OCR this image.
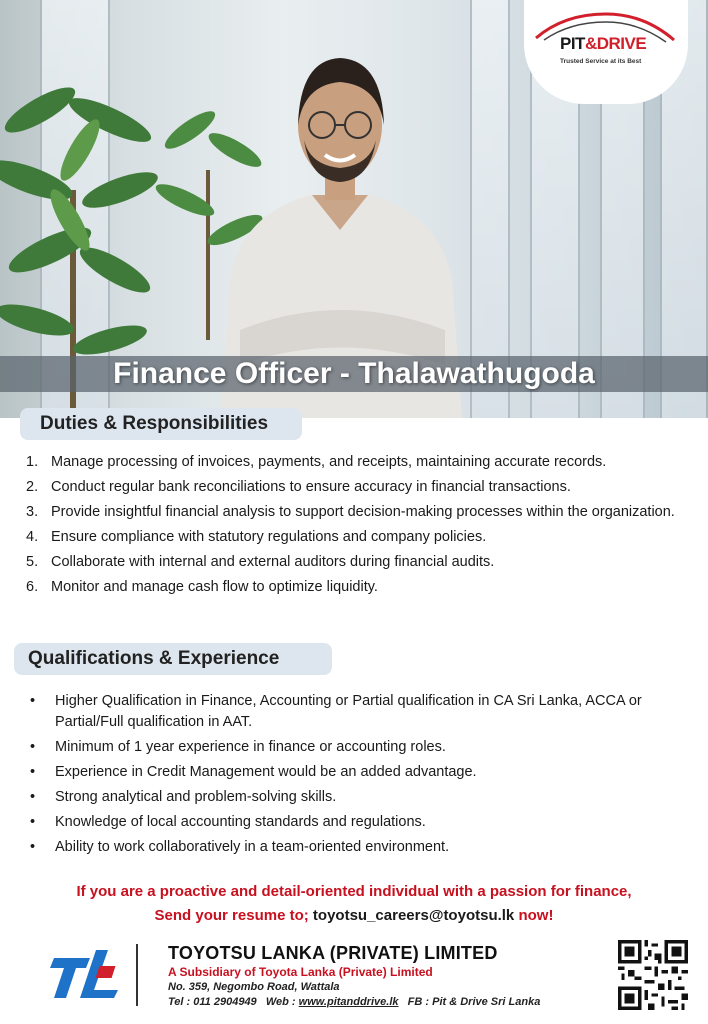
PIT&DRIVE
Trusted Service at its Best
Finance Officer - Thalawathugoda
Duties & Responsibilities
1. Manage processing of invoices, payments, and receipts, maintaining accurate records.
2. Conduct regular bank reconciliations to ensure accuracy in financial transactions.
3. Provide insightful financial analysis to support decision-making processes within the organization.
4. Ensure compliance with statutory regulations and company policies.
5. Collaborate with internal and external auditors during financial audits.
6. Monitor and manage cash flow to optimize liquidity.
Qualifications & Experience
• Higher Qualification in Finance, Accounting or Partial qualification in CA Sri Lanka, ACCA or Partial/Full qualification in AAT.
• Minimum of 1 year experience in finance or accounting roles.
• Experience in Credit Management would be an added advantage.
• Strong analytical and problem-solving skills.
• Knowledge of local accounting standards and regulations.
• Ability to work collaboratively in a team-oriented environment.
If you are a proactive and detail-oriented individual with a passion for finance,
Send your resume to; toyotsu_careers@toyotsu.lk now!
TOYOTSU LANKA (PRIVATE) LIMITED
A Subsidiary of Toyota Lanka (Private) Limited
No. 359, Negombo Road, Wattala
Tel : 011 2904949 Web : www.pitanddrive.lk FB : Pit & Drive Sri Lanka
